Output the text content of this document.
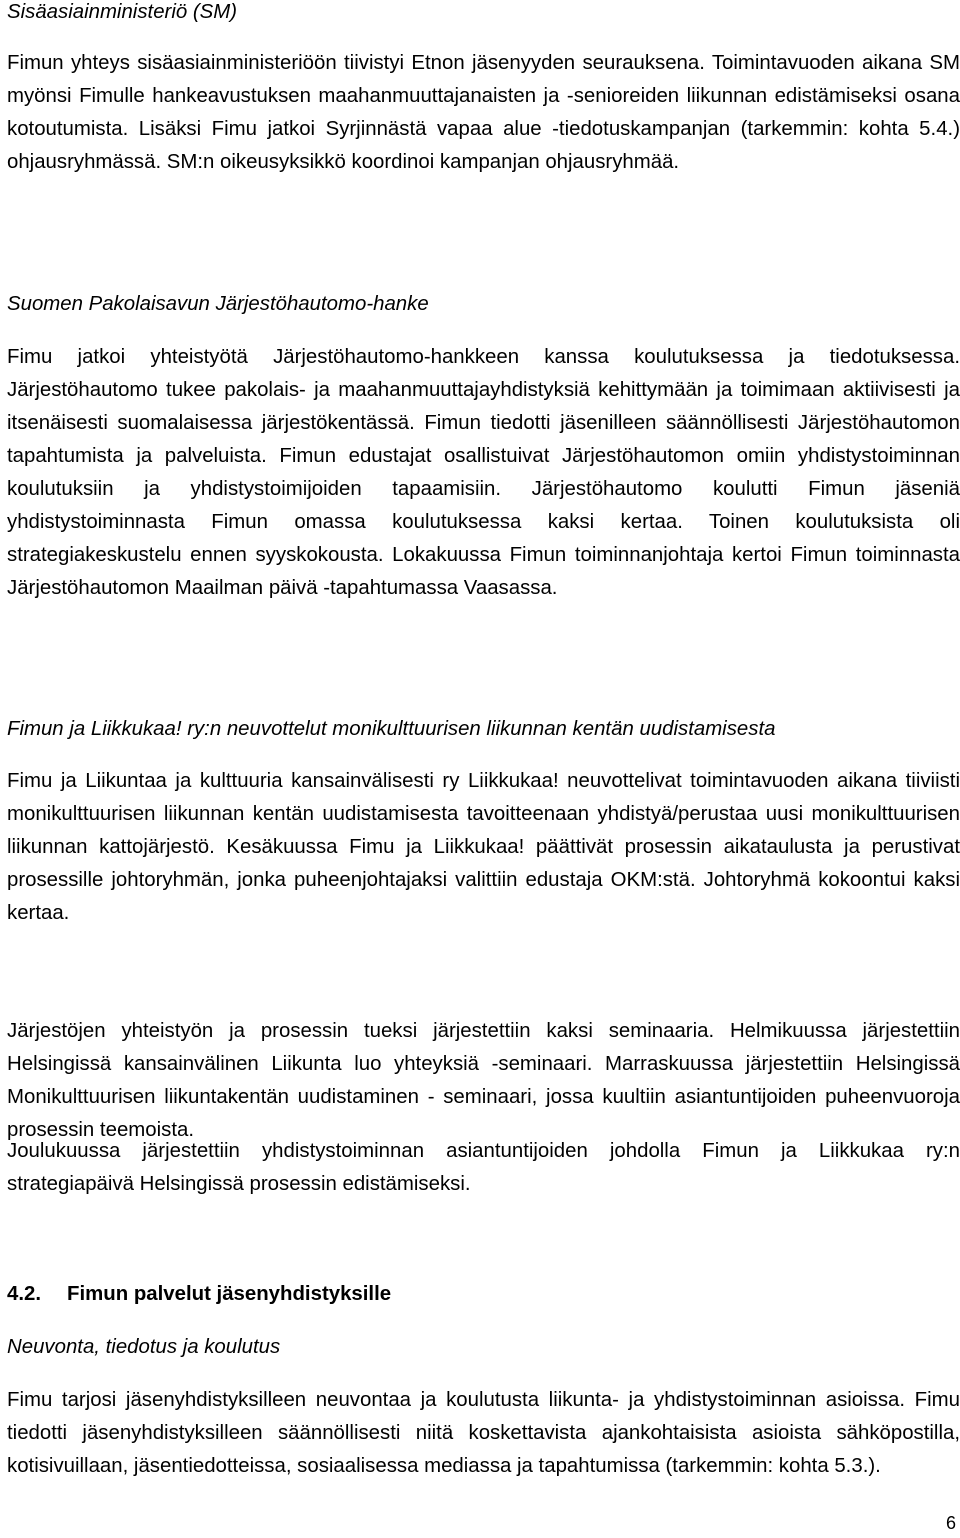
Sisäasiainministeriö (SM)
Fimun yhteys sisäasiainministeriöön tiivistyi Etnon jäsenyyden seurauksena. Toimintavuoden aikana SM myönsi Fimulle hankeavustuksen maahanmuuttajanaisten ja -senioreiden liikunnan edistämiseksi osana kotoutumista. Lisäksi Fimu jatkoi Syrjinnästä vapaa alue -tiedotuskampanjan (tarkemmin: kohta 5.4.) ohjausryhmässä. SM:n oikeusyksikkö koordinoi kampanjan ohjausryhmää.
Suomen Pakolaisavun Järjestöhautomo-hanke
Fimu jatkoi yhteistyötä Järjestöhautomo-hankkeen kanssa koulutuksessa ja tiedotuksessa. Järjestöhautomo tukee pakolais- ja maahanmuuttajayhdistyksiä kehittymään ja toimimaan aktiivisesti ja itsenäisesti suomalaisessa järjestökentässä. Fimun tiedotti jäsenilleen säännöllisesti Järjestöhautomon tapahtumista ja palveluista. Fimun edustajat osallistuivat Järjestöhautomon omiin yhdistystoiminnan koulutuksiin ja yhdistystoimijoiden tapaamisiin. Järjestöhautomo koulutti Fimun jäseniä yhdistystoiminnasta Fimun omassa koulutuksessa kaksi kertaa. Toinen koulutuksista oli strategiakeskustelu ennen syyskokousta. Lokakuussa Fimun toiminnanjohtaja kertoi Fimun toiminnasta Järjestöhautomon Maailman päivä -tapahtumassa Vaasassa.
Fimun ja Liikkukaa! ry:n neuvottelut monikulttuurisen liikunnan kentän uudistamisesta
Fimu ja Liikuntaa ja kulttuuria kansainvälisesti ry Liikkukaa! neuvottelivat toimintavuoden aikana tiiviisti monikulttuurisen liikunnan kentän uudistamisesta tavoitteenaan yhdistyä/perustaa uusi monikulttuurisen liikunnan kattojärjestö. Kesäkuussa Fimu ja Liikkukaa! päättivät prosessin aikataulusta ja perustivat prosessille johtoryhmän, jonka puheenjohtajaksi valittiin edustaja OKM:stä. Johtoryhmä kokoontui kaksi kertaa.
Järjestöjen yhteistyön ja prosessin tueksi järjestettiin kaksi seminaaria. Helmikuussa järjestettiin Helsingissä kansainvälinen Liikunta luo yhteyksiä -seminaari. Marraskuussa järjestettiin Helsingissä Monikulttuurisen liikuntakentän uudistaminen - seminaari, jossa kuultiin asiantuntijoiden puheenvuoroja prosessin teemoista.
Joulukuussa järjestettiin yhdistystoiminnan asiantuntijoiden johdolla Fimun ja Liikkukaa ry:n strategiapäivä Helsingissä prosessin edistämiseksi.
4.2. Fimun palvelut jäsenyhdistyksille
Neuvonta, tiedotus ja koulutus
Fimu tarjosi jäsenyhdistyksilleen neuvontaa ja koulutusta liikunta- ja yhdistystoiminnan asioissa. Fimu tiedotti jäsenyhdistyksilleen säännöllisesti niitä koskettavista ajankohtaisista asioista sähköpostilla, kotisivuillaan, jäsentiedotteissa, sosiaalisessa mediassa ja tapahtumissa (tarkemmin: kohta 5.3.).
6
